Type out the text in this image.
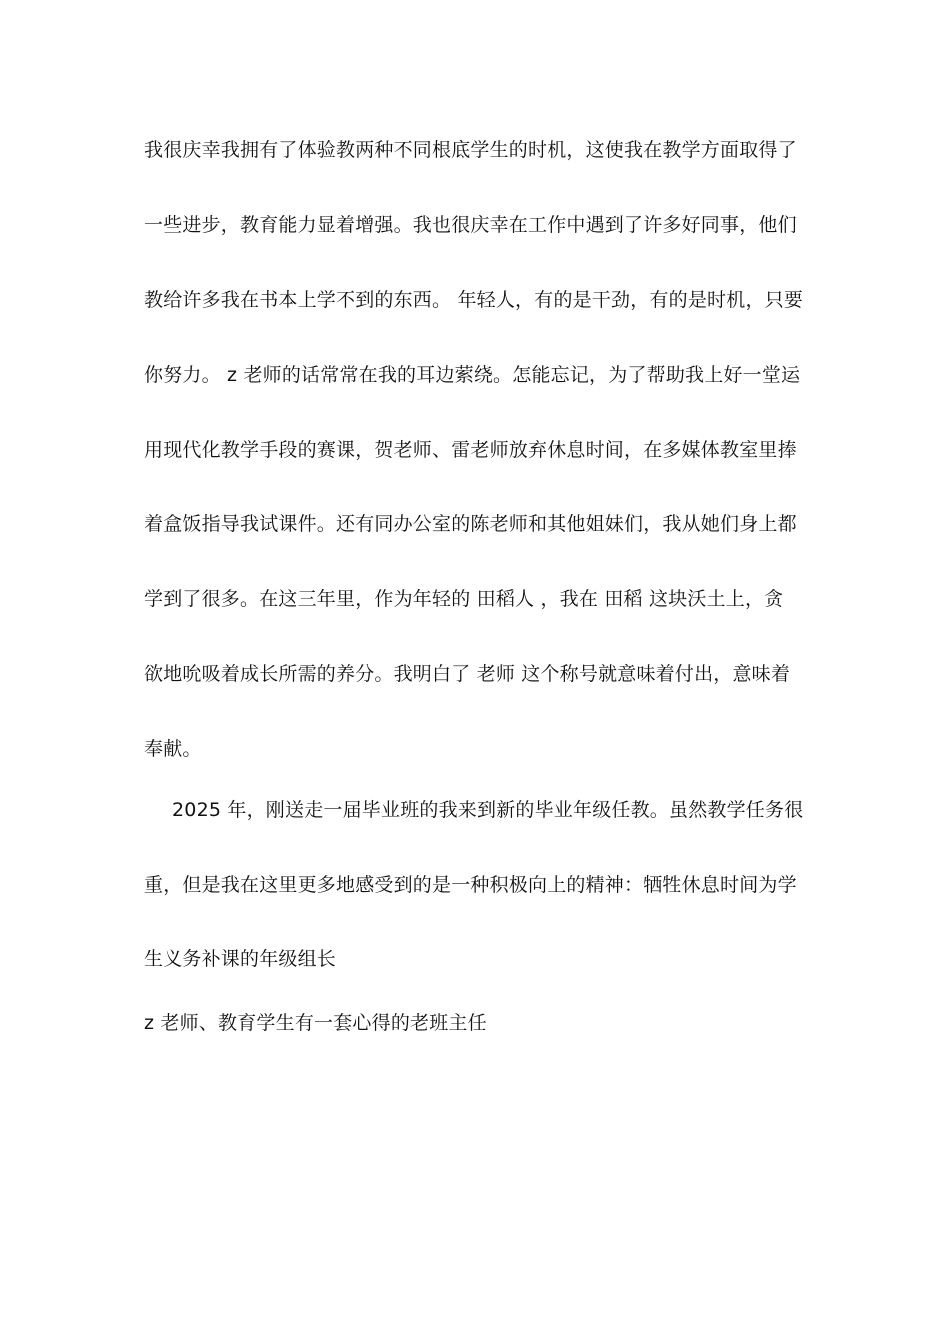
我很庆幸我拥有了体验教两种不同根底学生的时机，这使我在教学方面取得了
一些进步，教育能力显着增强。我也很庆幸在工作中遇到了许多好同事，他们
教给许多我在书本上学不到的东西。 年轻人，有的是干劲，有的是时机，只要
你努力。 z 老师的话常常在我的耳边萦绕。怎能忘记，为了帮助我上好一堂运
用现代化教学手段的赛课，贺老师、雷老师放弃休息时间，在多媒体教室里捧
着盒饭指导我试课件。还有同办公室的陈老师和其他姐妹们，我从她们身上都
学到了很多。在这三年里，作为年轻的 田稻人 ，我在 田稻 这块沃土上，贪
欲地吮吸着成长所需的养分。我明白了 老师 这个称号就意味着付出，意味着
奉献。
2025 年，刚送走一届毕业班的我来到新的毕业年级任教。虽然教学任务很
重，但是我在这里更多地感受到的是一种积极向上的精神：牺牲休息时间为学
生义务补课的年级组长
z 老师、教育学生有一套心得的老班主任
